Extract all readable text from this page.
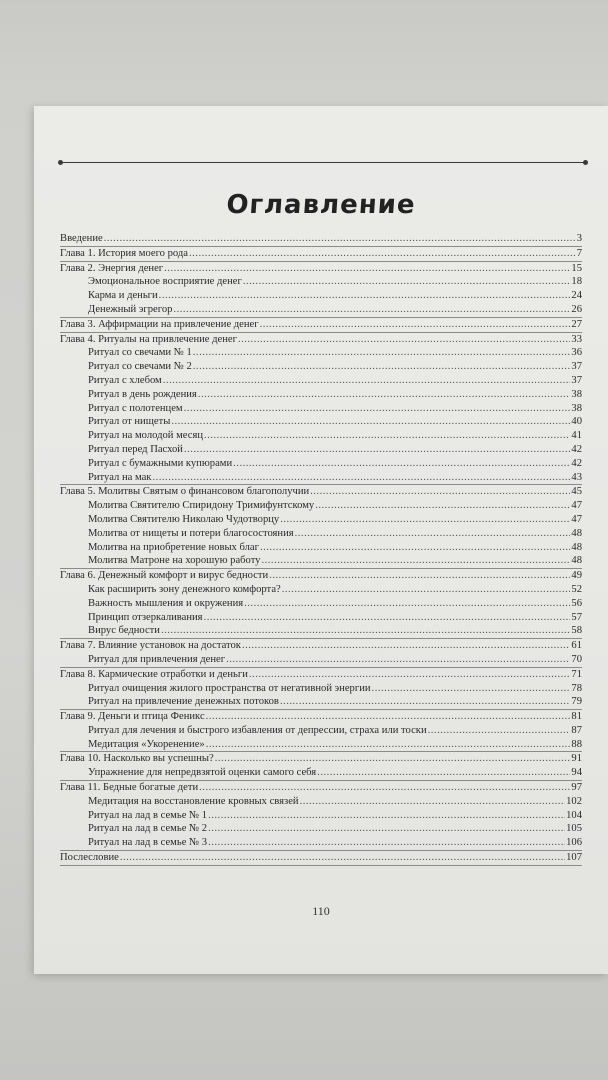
Оглавление
Введение .....	3
Глава 1. История моего рода .....	7
Глава 2. Энергия денег .....	15
Эмоциональное восприятие денег .....	18
Карма и деньги .....	24
Денежный эгрегор .....	26
Глава 3. Аффирмации на привлечение денег .....	27
Глава 4. Ритуалы на привлечение денег .....	33
Ритуал со свечами № 1 .....	36
Ритуал со свечами № 2 .....	37
Ритуал с хлебом .....	37
Ритуал в день рождения .....	38
Ритуал с полотенцем .....	38
Ритуал от нищеты .....	40
Ритуал на молодой месяц .....	41
Ритуал перед Пасхой .....	42
Ритуал с бумажными купюрами .....	42
Ритуал на мак .....	43
Глава 5. Молитвы Святым о финансовом благополучии .....	45
Молитва Святителю Спиридону Тримифунтскому .....	47
Молитва Святителю Николаю Чудотворцу .....	47
Молитва от нищеты и потери благосостояния .....	48
Молитва на приобретение новых благ .....	48
Молитва Матроне на хорошую работу .....	48
Глава 6. Денежный комфорт и вирус бедности .....	49
Как расширить зону денежного комфорта? .....	52
Важность мышления и окружения .....	56
Принцип отзеркаливания .....	57
Вирус бедности .....	58
Глава 7. Влияние установок на достаток .....	61
Ритуал для привлечения денег .....	70
Глава 8. Кармические отработки и деньги .....	71
Ритуал очищения жилого пространства от негативной энергии .....	78
Ритуал на привлечение денежных потоков .....	79
Глава 9. Деньги и птица Феникс .....	81
Ритуал для лечения и быстрого избавления от депрессии, страха или тоски .....	87
Медитация «Укоренение» .....	88
Глава 10. Насколько вы успешны? .....	91
Упражнение для непредвзятой оценки самого себя .....	94
Глава 11. Бедные богатые дети .....	97
Медитация на восстановление кровных связей .....	102
Ритуал на лад в семье № 1 .....	104
Ритуал на лад в семье № 2 .....	105
Ритуал на лад в семье № 3 .....	106
Послесловие .....	107
110
